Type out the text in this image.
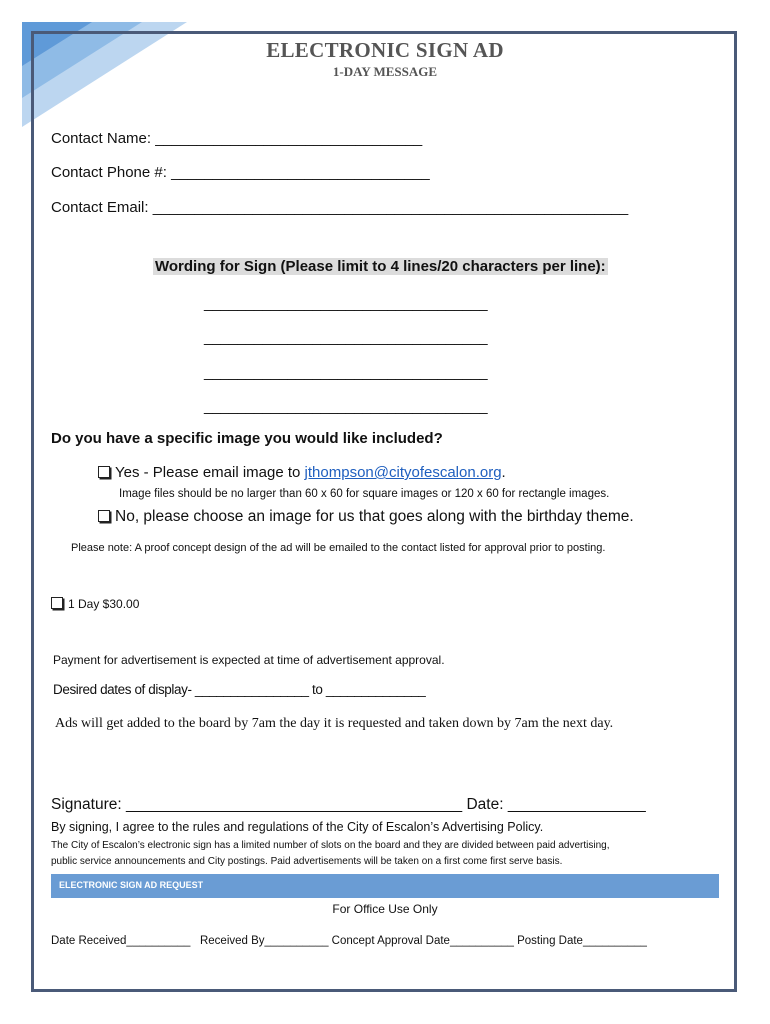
ELECTRONIC SIGN AD
1-DAY MESSAGE
Contact Name: ________________________________
Contact Phone #: _______________________________
Contact Email: _________________________________________________________
Wording for Sign (Please limit to 4 lines/20 characters per line):
__________________________________
__________________________________
__________________________________
__________________________________
Do you have a specific image you would like included?
Yes - Please email image to jthompson@cityofescalon.org.
Image files should be no larger than 60 x 60 for square images or 120 x 60 for rectangle images.
No, please choose an image for us that goes along with the birthday theme.
Please note: A proof concept design of the ad will be emailed to the contact listed for approval prior to posting.
1 Day $30.00
Payment for advertisement is expected at time of advertisement approval.
Desired dates of display- ________________ to ______________
Ads will get added to the board by 7am the day it is requested and taken down by 7am the next day.
Signature: _______________________________________ Date: ________________
By signing, I agree to the rules and regulations of the City of Escalon’s Advertising Policy.
The City of Escalon’s electronic sign has a limited number of slots on the board and they are divided between paid advertising,
public service announcements and City postings. Paid advertisements will be taken on a first come first serve basis.
ELECTRONIC SIGN AD REQUEST
For Office Use Only
Date Received__________   Received By__________ Concept Approval Date__________ Posting Date__________
